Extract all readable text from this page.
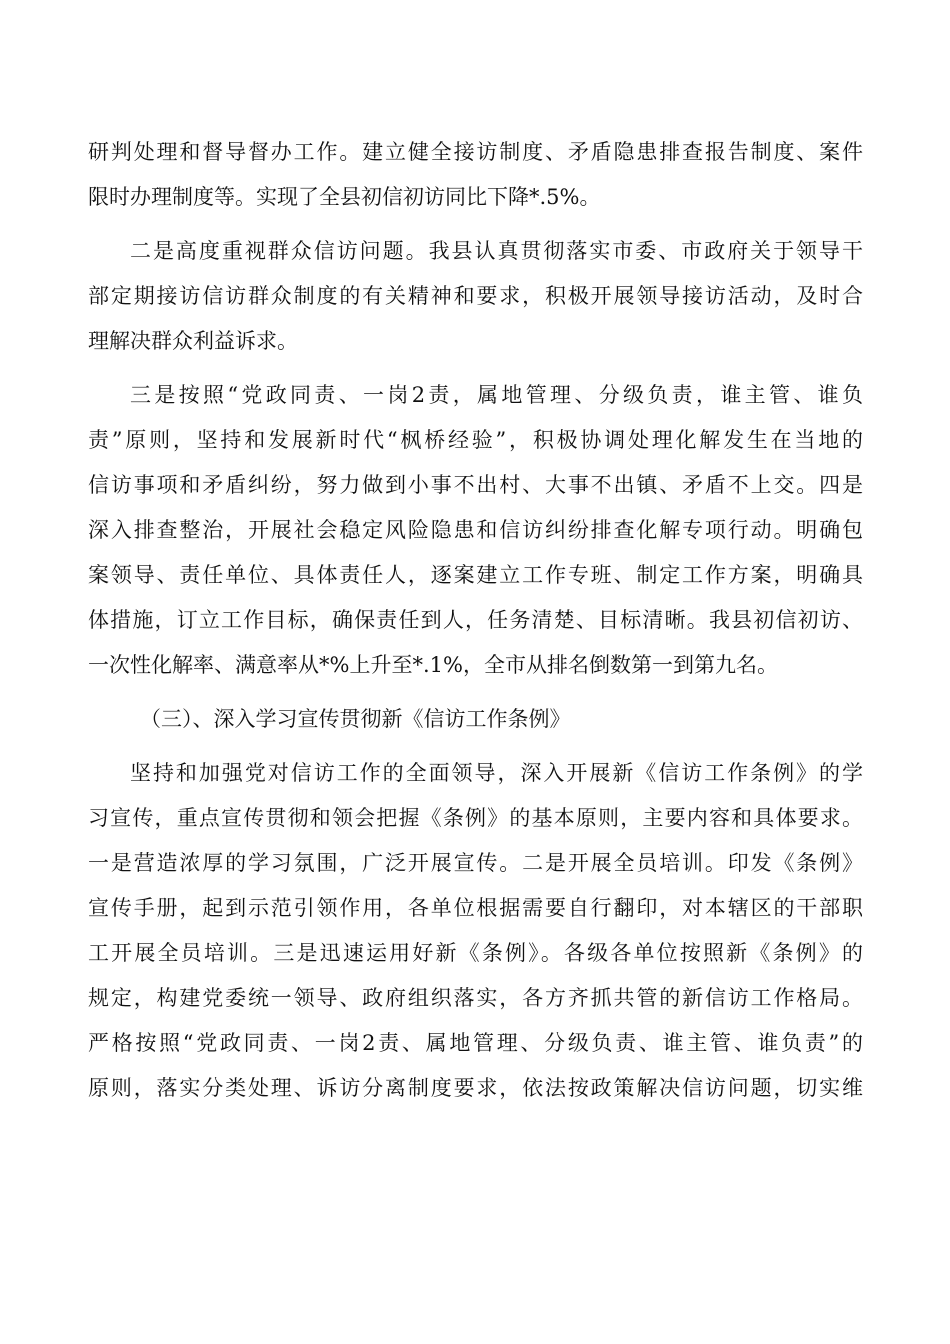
研判处理和督导督办工作。建立健全接访制度、矛盾隐患排查报告制度、案件
限时办理制度等。实现了全县初信初访同比下降*.5%。
二是高度重视群众信访问题。我县认真贯彻落实市委、市政府关于领导干
部定期接访信访群众制度的有关精神和要求，积极开展领导接访活动，及时合
理解决群众利益诉求。
三是按照“党政同责、一岗2责，属地管理、分级负责，谁主管、谁负
责”原则，坚持和发展新时代“枫桥经验”，积极协调处理化解发生在当地的
信访事项和矛盾纠纷，努力做到小事不出村、大事不出镇、矛盾不上交。四是
深入排查整治，开展社会稳定风险隐患和信访纠纷排查化解专项行动。明确包
案领导、责任单位、具体责任人，逐案建立工作专班、制定工作方案，明确具
体措施，订立工作目标，确保责任到人，任务清楚、目标清晰。我县初信初访、
一次性化解率、满意率从*%上升至*.1%，全市从排名倒数第一到第九名。
（三）、深入学习宣传贯彻新《信访工作条例》
坚持和加强党对信访工作的全面领导，深入开展新《信访工作条例》的学
习宣传，重点宣传贯彻和领会把握《条例》的基本原则，主要内容和具体要求。
一是营造浓厚的学习氛围，广泛开展宣传。二是开展全员培训。印发《条例》
宣传手册，起到示范引领作用，各单位根据需要自行翻印，对本辖区的干部职
工开展全员培训。三是迅速运用好新《条例》。各级各单位按照新《条例》的
规定，构建党委统一领导、政府组织落实，各方齐抓共管的新信访工作格局。
严格按照“党政同责、一岗2责、属地管理、分级负责、谁主管、谁负责”的
原则，落实分类处理、诉访分离制度要求，依法按政策解决信访问题，切实维
